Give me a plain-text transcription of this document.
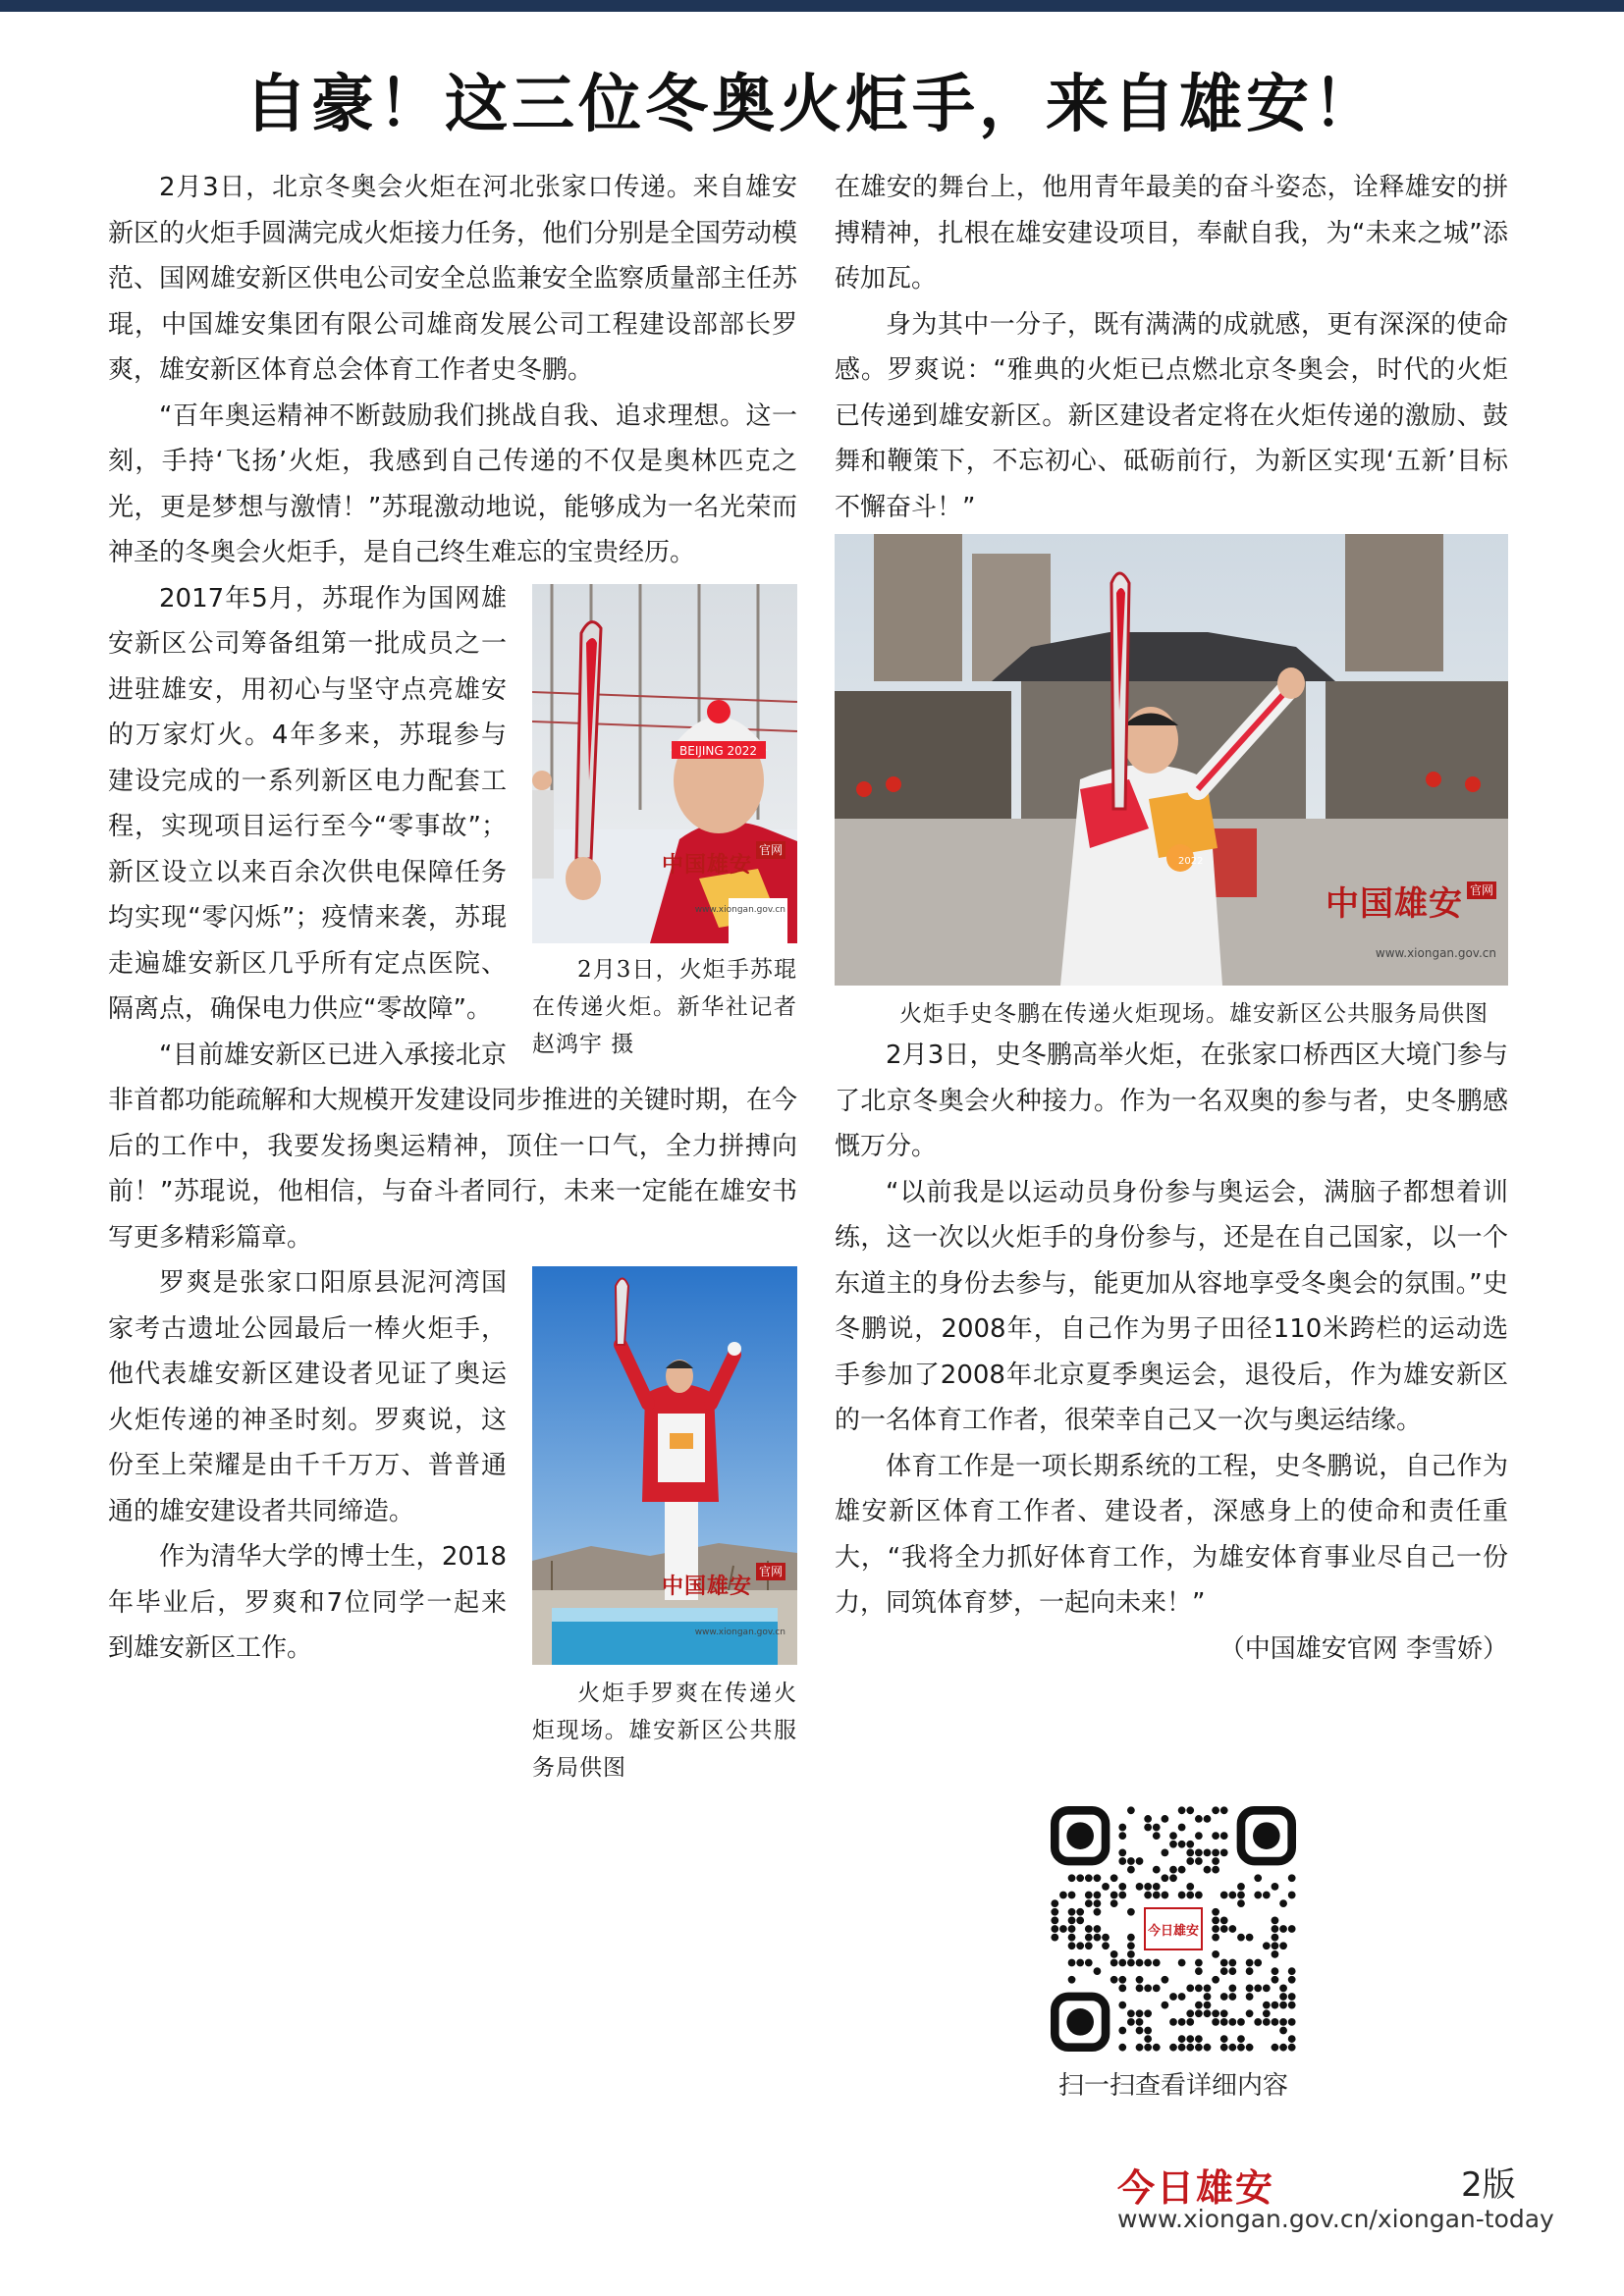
自豪！这三位冬奥火炬手，来自雄安！

2月3日，北京冬奥会火炬在河北张家口传递。来自雄安新区的火炬手圆满完成火炬接力任务，他们分别是全国劳动模范、国网雄安新区供电公司安全总监兼安全监察质量部主任苏琨，中国雄安集团有限公司雄商发展公司工程建设部部长罗爽，雄安新区体育总会体育工作者史冬鹏。

“百年奥运精神不断鼓励我们挑战自我、追求理想。这一刻，手持‘飞扬’火炬，我感到自己传递的不仅是奥林匹克之光，更是梦想与激情！”苏琨激动地说，能够成为一名光荣而神圣的冬奥会火炬手，是自己终生难忘的宝贵经历。

BEIJING 2022
中国雄安官网
www.xiongan.gov.cn

2月3日，火炬手苏琨在传递火炬。新华社记者赵鸿宇 摄

2017年5月，苏琨作为国网雄安新区公司筹备组第一批成员之一进驻雄安，用初心与坚守点亮雄安的万家灯火。4年多来，苏琨参与建设完成的一系列新区电力配套工程，实现项目运行至今“零事故”；新区设立以来百余次供电保障任务均实现“零闪烁”；疫情来袭，苏琨走遍雄安新区几乎所有定点医院、隔离点，确保电力供应“零故障”。

“目前雄安新区已进入承接北京非首都功能疏解和大规模开发建设同步推进的关键时期，在今后的工作中，我要发扬奥运精神，顶住一口气，全力拼搏向前！”苏琨说，他相信，与奋斗者同行，未来一定能在雄安书写更多精彩篇章。

中国雄安官网
www.xiongan.gov.cn

火炬手罗爽在传递火炬现场。雄安新区公共服务局供图

罗爽是张家口阳原县泥河湾国家考古遗址公园最后一棒火炬手，他代表雄安新区建设者见证了奥运火炬传递的神圣时刻。罗爽说，这份至上荣耀是由千千万万、普普通通的雄安建设者共同缔造。

作为清华大学的博士生，2018年毕业后，罗爽和7位同学一起来到雄安新区工作。

在雄安的舞台上，他用青年最美的奋斗姿态，诠释雄安的拼搏精神，扎根在雄安建设项目，奉献自我，为“未来之城”添砖加瓦。

身为其中一分子，既有满满的成就感，更有深深的使命感。罗爽说：“雅典的火炬已点燃北京冬奥会，时代的火炬已传递到雄安新区。新区建设者定将在火炬传递的激励、鼓舞和鞭策下，不忘初心、砥砺前行，为新区实现‘五新’目标不懈奋斗！”

2022
中国雄安 官网
www.xiongan.gov.cn

火炬手史冬鹏在传递火炬现场。雄安新区公共服务局供图

2月3日，史冬鹏高举火炬，在张家口桥西区大境门参与了北京冬奥会火种接力。作为一名双奥的参与者，史冬鹏感慨万分。

“以前我是以运动员身份参与奥运会，满脑子都想着训练，这一次以火炬手的身份参与，还是在自己国家，以一个东道主的身份去参与，能更加从容地享受冬奥会的氛围。”史冬鹏说，2008年，自己作为男子田径110米跨栏的运动选手参加了2008年北京夏季奥运会，退役后，作为雄安新区的一名体育工作者，很荣幸自己又一次与奥运结缘。

体育工作是一项长期系统的工程，史冬鹏说，自己作为雄安新区体育工作者、建设者，深感身上的使命和责任重大，“我将全力抓好体育工作，为雄安体育事业尽自己一份力，同筑体育梦，一起向未来！”

（中国雄安官网 李雪娇）

今日雄安
扫一扫查看详细内容
今日雄安	2版
www.xiongan.gov.cn/xiongan-today
